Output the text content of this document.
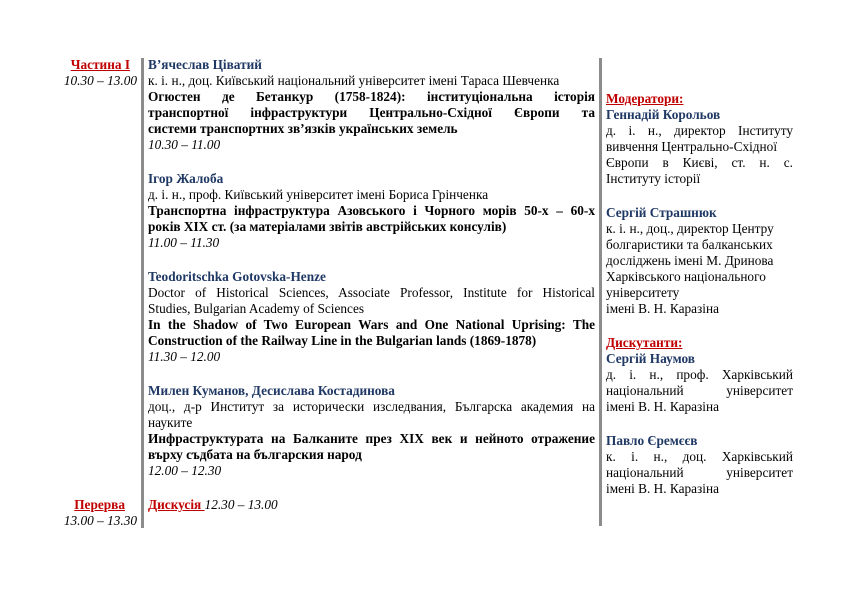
Частина I
10.30 – 13.00
Перерва
13.00 – 13.30
В’ячеслав Ціватий
к. і. н., доц. Київський національний університет імені Тараса Шевченка
Огюстен де Бетанкур (1758-1824): інституціональна історія
транспортної інфраструктури Центрально-Східної Європи та
системи транспортних зв’язків українських земель
10.30 – 11.00
Ігор Жалоба
д. і. н., проф. Київський університет імені Бориса Грінченка
Транспортна інфраструктура Азовського і Чорного морів 50-х – 60-х
років XIX ст. (за матеріалами звітів австрійських консулів)
11.00 – 11.30
Teodoritschka Gotovska-Henze
Doctor of Historical Sciences, Associate Professor, Institute for Historical
Studies, Bulgarian Academy of Sciences
In the Shadow of Two European Wars and One National Uprising: The
Construction of the Railway Line in the Bulgarian lands (1869-1878)
11.30 – 12.00
Милен Куманов, Десислава Костадинова
доц., д-р Институт за исторически изследвания, Българска академия на
науките
Инфраструктурата на Балканите през XIX век и нейното отражение
върху съдбата на българския народ
12.00 – 12.30
Дискусія 12.30 – 13.00
Модератори:
Геннадій Корольов
д. і. н., директор Інституту
вивчення Центрально-Східної
Європи в Києві, ст. н. с.
Інституту історії
Сергій Страшнюк
к. і. н., доц., директор Центру
болгаристики та балканських
досліджень імені М. Дринова
Харківського національного
університету
імені В. Н. Каразіна
Дискутанти:
Сергій Наумов
д. і. н., проф. Харківський
національний університет
імені В. Н. Каразіна
Павло Єремєєв
к. і. н., доц. Харківський
національний університет
імені В. Н. Каразіна
